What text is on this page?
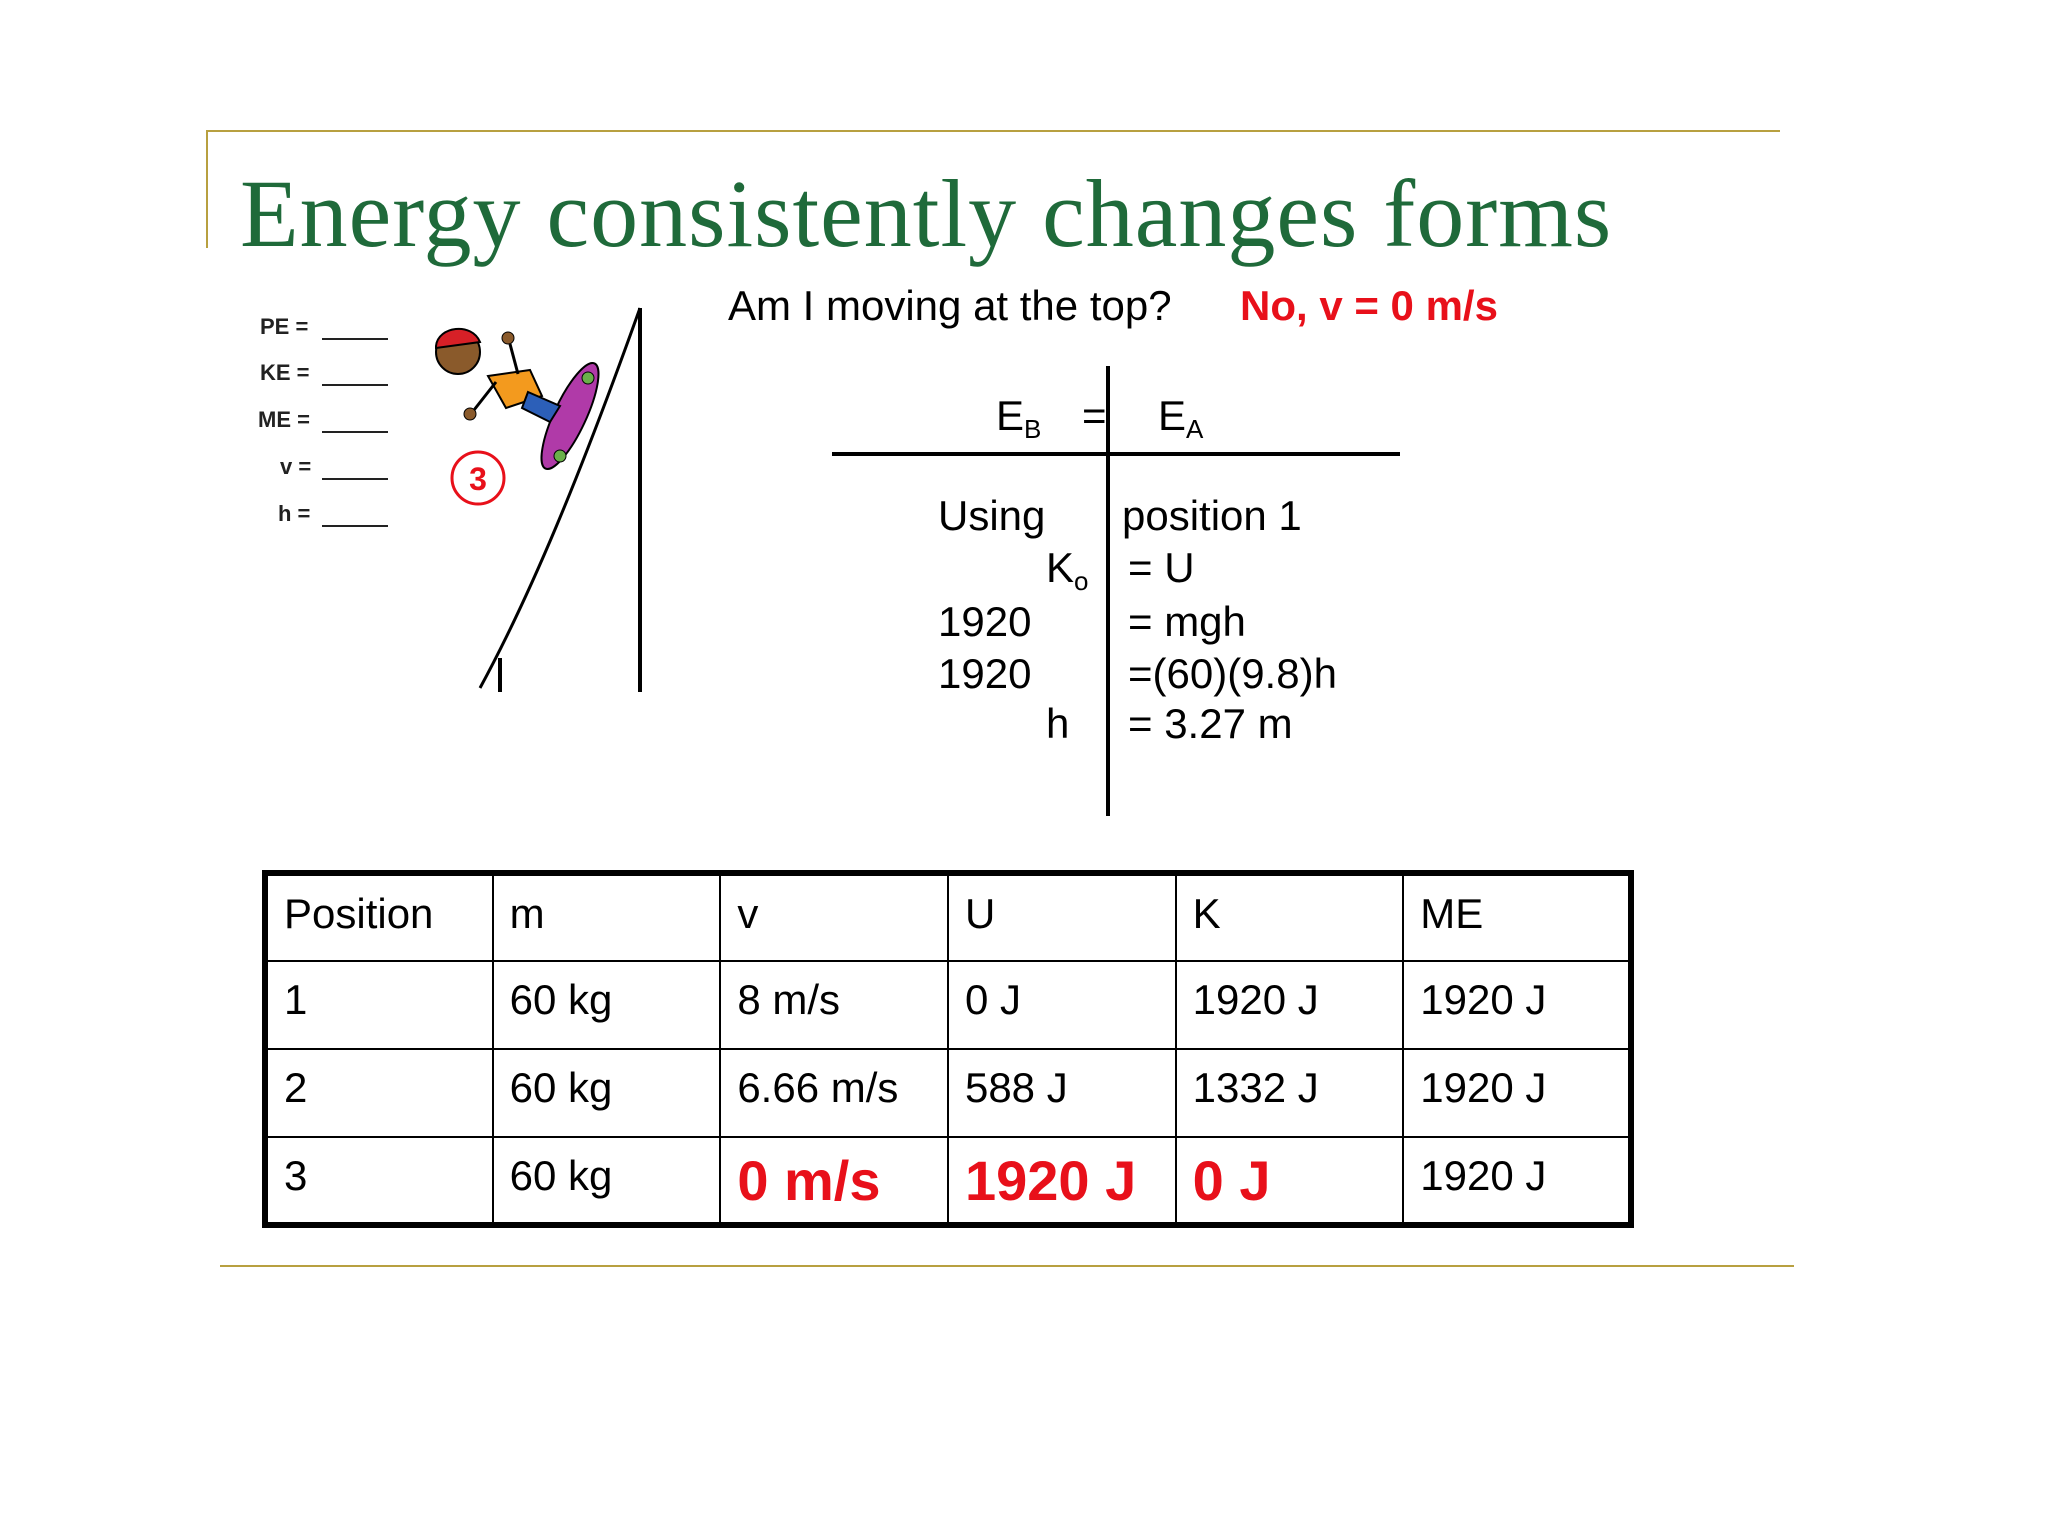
Energy consistently changes forms
PE =
KE =
ME =
v =
h =
3
Am I moving at the top? No, v = 0 m/s
$E_B = E_A$
Using position 1
$K_o = U$
1920 = mgh
1920 =(60)(9.8)h
h = 3.27 m
Position	m	v	U	K	ME
1	60 kg	8 m/s	0 J	1920 J	1920 J
2	60 kg	6.66 m/s	588 J	1332 J	1920 J
3	60 kg	0 m/s	1920 J	0 J	1920 J
